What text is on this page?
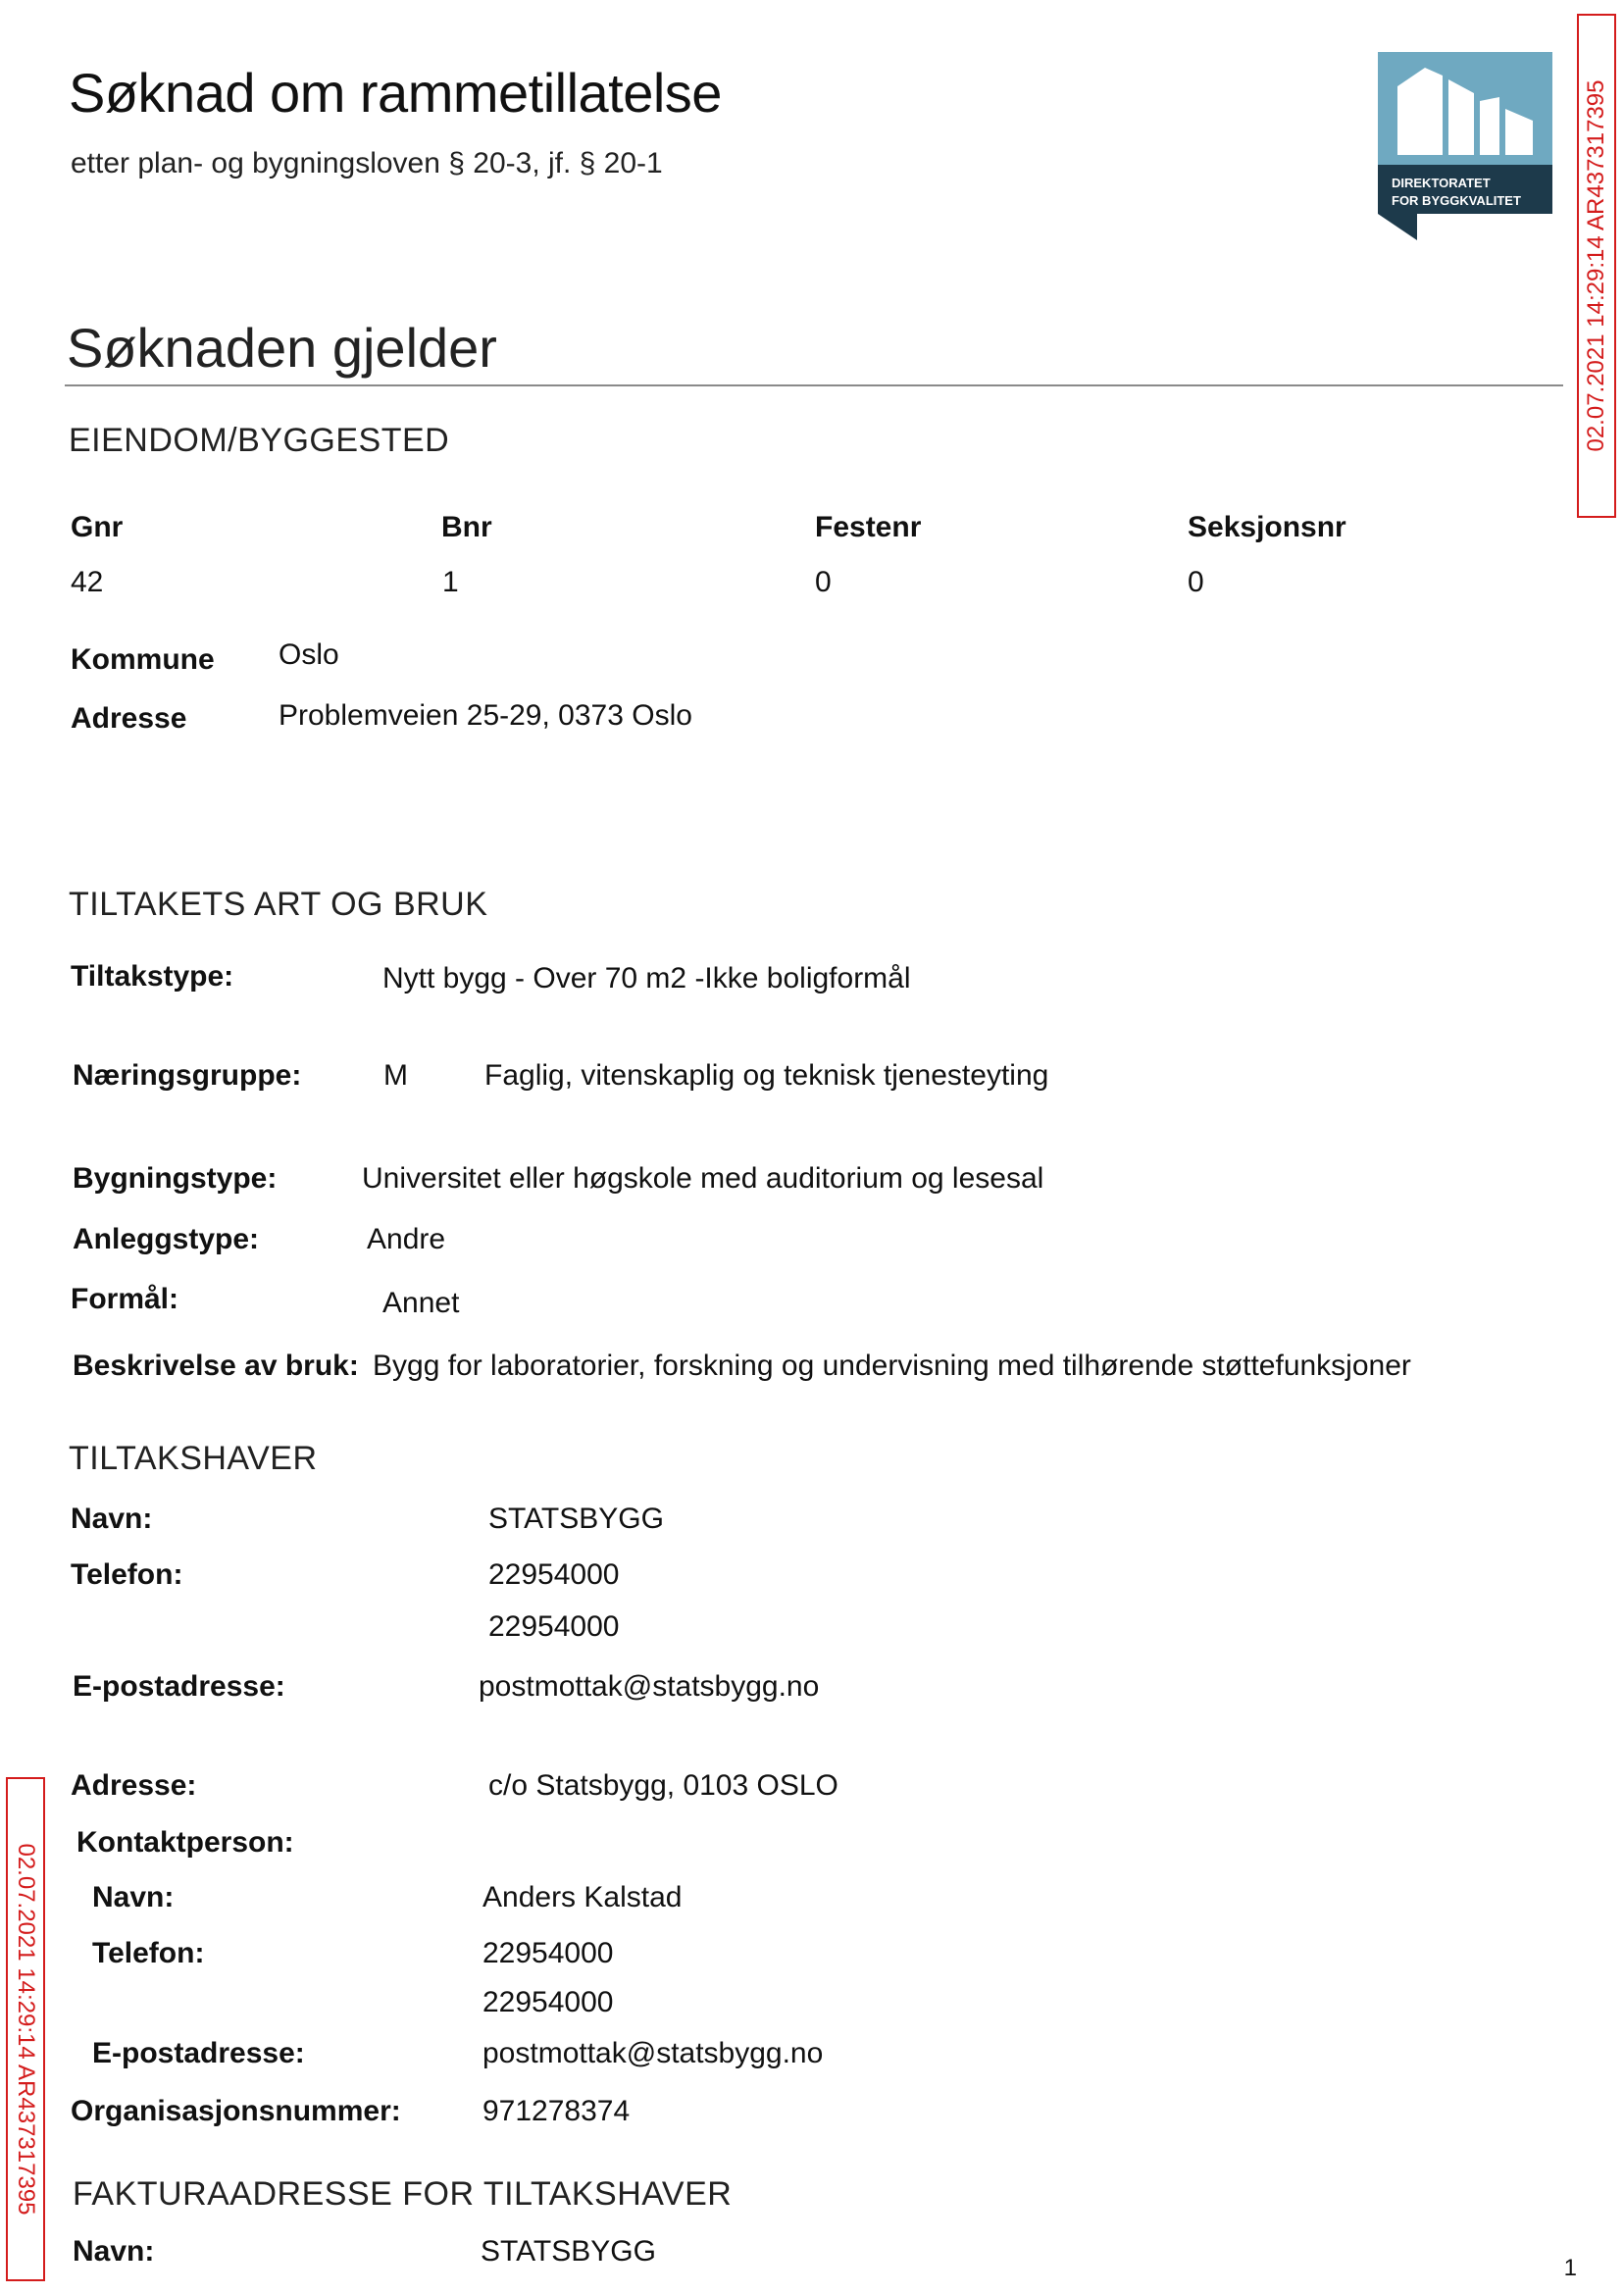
Søknad om rammetillatelse
etter plan- og bygningsloven § 20-3, jf. § 20-1
DIREKTORATET
FOR BYGGKVALITET	02.07.2021 14:29:14 AR437317395
Søknaden gjelder
EIENDOM/BYGGESTED
Gnr	Bnr	Festenr	Seksjonsnr
42	1	0	0
Kommune Oslo
Adresse	Problemveien 25-29, 0373 Oslo
TILTAKETS ART OG BRUK
Tiltakstype:	Nytt bygg - Over 70 m2 -Ikke boligformål
Næringsgruppe:	M	Faglig, vitenskaplig og teknisk tjenesteyting
Bygningstype:	Universitet eller høgskole med auditorium og lesesal
Anleggstype:	Andre
Formål:	Annet
Beskrivelse av bruk: Bygg for laboratorier, forskning og undervisning med tilhørende støttefunksjoner
TILTAKSHAVER
Navn:	STATSBYGG
Telefon:	22954000
22954000
E-postadresse:	postmottak@statsbygg.no
Adresse:	c/o Statsbygg, 0103 OSLO
Kontaktperson:
Navn:	Anders Kalstad
Telefon:	22954000
22954000
E-postadresse:	postmottak@statsbygg.no
Organisasjonsnummer:	971278374
FAKTURAADRESSE FOR TILTAKSHAVER
Navn:	STATSBYGG
02.07.2021 14:29:14 AR437317395
1
